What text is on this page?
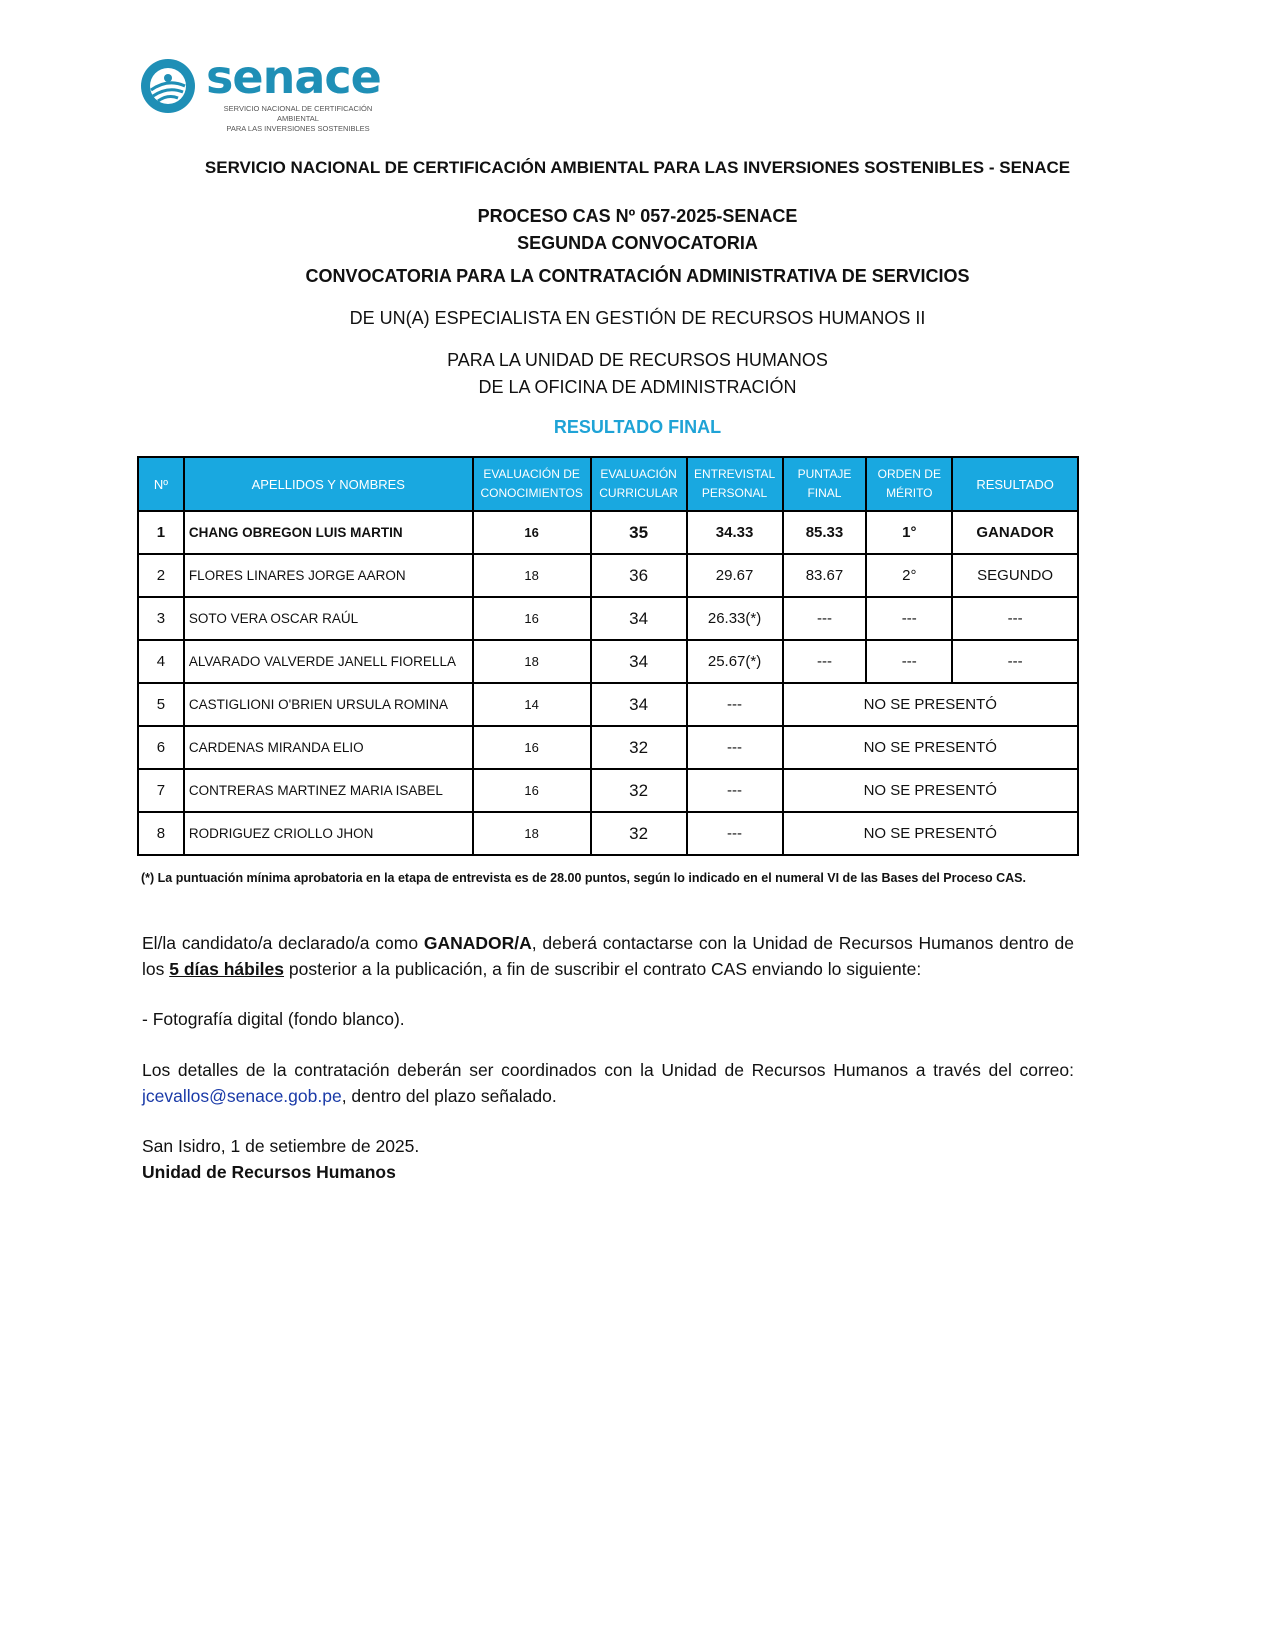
senace
SERVICIO NACIONAL DE CERTIFICACIÓN AMBIENTAL
PARA LAS INVERSIONES SOSTENIBLES
SERVICIO NACIONAL DE CERTIFICACIÓN AMBIENTAL PARA LAS INVERSIONES SOSTENIBLES - SENACE
PROCESO CAS Nº 057-2025-SENACE
SEGUNDA CONVOCATORIA
CONVOCATORIA PARA LA CONTRATACIÓN ADMINISTRATIVA DE SERVICIOS
DE UN(A) ESPECIALISTA EN GESTIÓN DE RECURSOS HUMANOS II
PARA LA UNIDAD DE RECURSOS HUMANOS
DE LA OFICINA DE ADMINISTRACIÓN
RESULTADO FINAL
Nº	APELLIDOS Y NOMBRES	EVALUACIÓN DE CONOCIMIENTOS	EVALUACIÓN CURRICULAR	ENTREVISTAL PERSONAL	PUNTAJE FINAL	ORDEN DE MÉRITO	RESULTADO
1	CHANG OBREGON LUIS MARTIN	16	35	34.33	85.33	1°	GANADOR
2	FLORES LINARES JORGE AARON	18	36	29.67	83.67	2°	SEGUNDO
3	SOTO VERA OSCAR RAÚL	16	34	26.33(*)	---	---	---
4	ALVARADO VALVERDE JANELL FIORELLA	18	34	25.67(*)	---	---	---
5	CASTIGLIONI O'BRIEN URSULA ROMINA	14	34	---	NO SE PRESENTÓ		
6	CARDENAS MIRANDA ELIO	16	32	---	NO SE PRESENTÓ		
7	CONTRERAS MARTINEZ MARIA ISABEL	16	32	---	NO SE PRESENTÓ		
8	RODRIGUEZ CRIOLLO JHON	18	32	---	NO SE PRESENTÓ		
(*) La puntuación mínima aprobatoria en la etapa de entrevista es de 28.00 puntos, según lo indicado en el numeral VI de las Bases del Proceso CAS.
El/la candidato/a declarado/a como GANADOR/A, deberá contactarse con la Unidad de Recursos Humanos dentro de los 5 días hábiles posterior a la publicación, a fin de suscribir el contrato CAS enviando lo siguiente:
- Fotografía digital (fondo blanco).
Los detalles de la contratación deberán ser coordinados con la Unidad de Recursos Humanos a través del correo: jcevallos@senace.gob.pe, dentro del plazo señalado.
San Isidro, 1 de setiembre de 2025.
Unidad de Recursos Humanos
